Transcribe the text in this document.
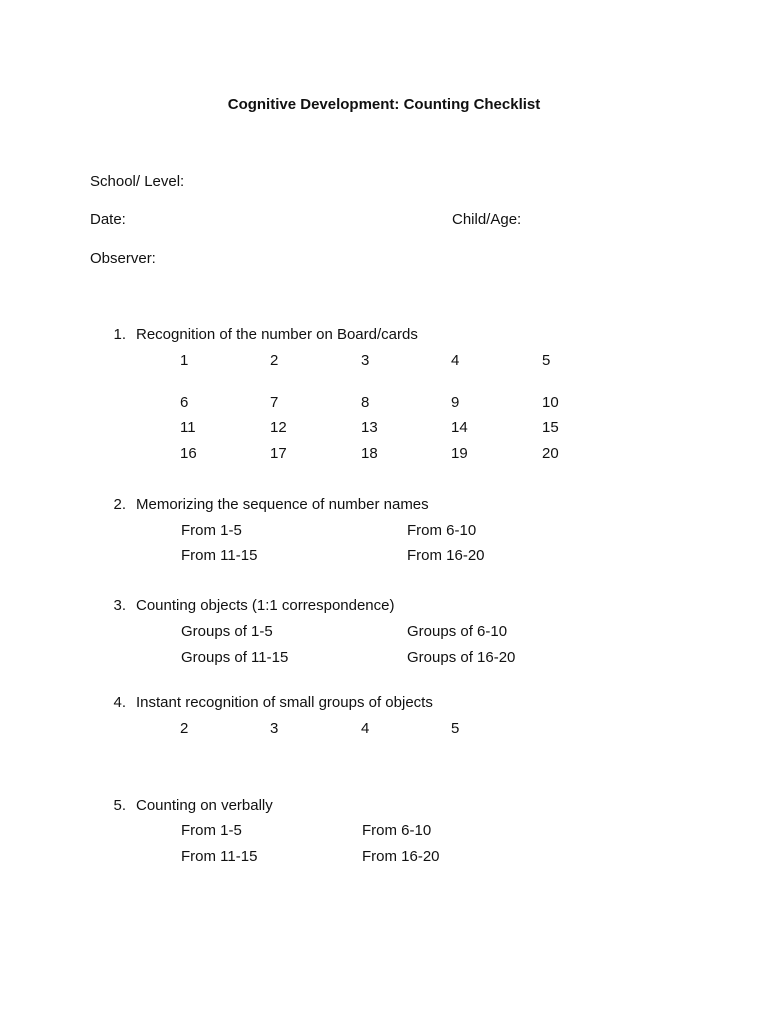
Cognitive Development: Counting Checklist
School/ Level:
Date:	Child/Age:
Observer:
1. Recognition of the number on Board/cards
1	2	3	4	5
6	7	8	9	10
11	12	13	14	15
16	17	18	19	20
2. Memorizing the sequence of number names
From 1-5	From 6-10
From 11-15	From 16-20
3. Counting objects (1:1 correspondence)
Groups of 1-5	Groups of 6-10
Groups of 11-15	Groups of 16-20
4. Instant recognition of small groups of objects
2	3	4	5
5. Counting on verbally
From 1-5	From 6-10
From 11-15	From 16-20
